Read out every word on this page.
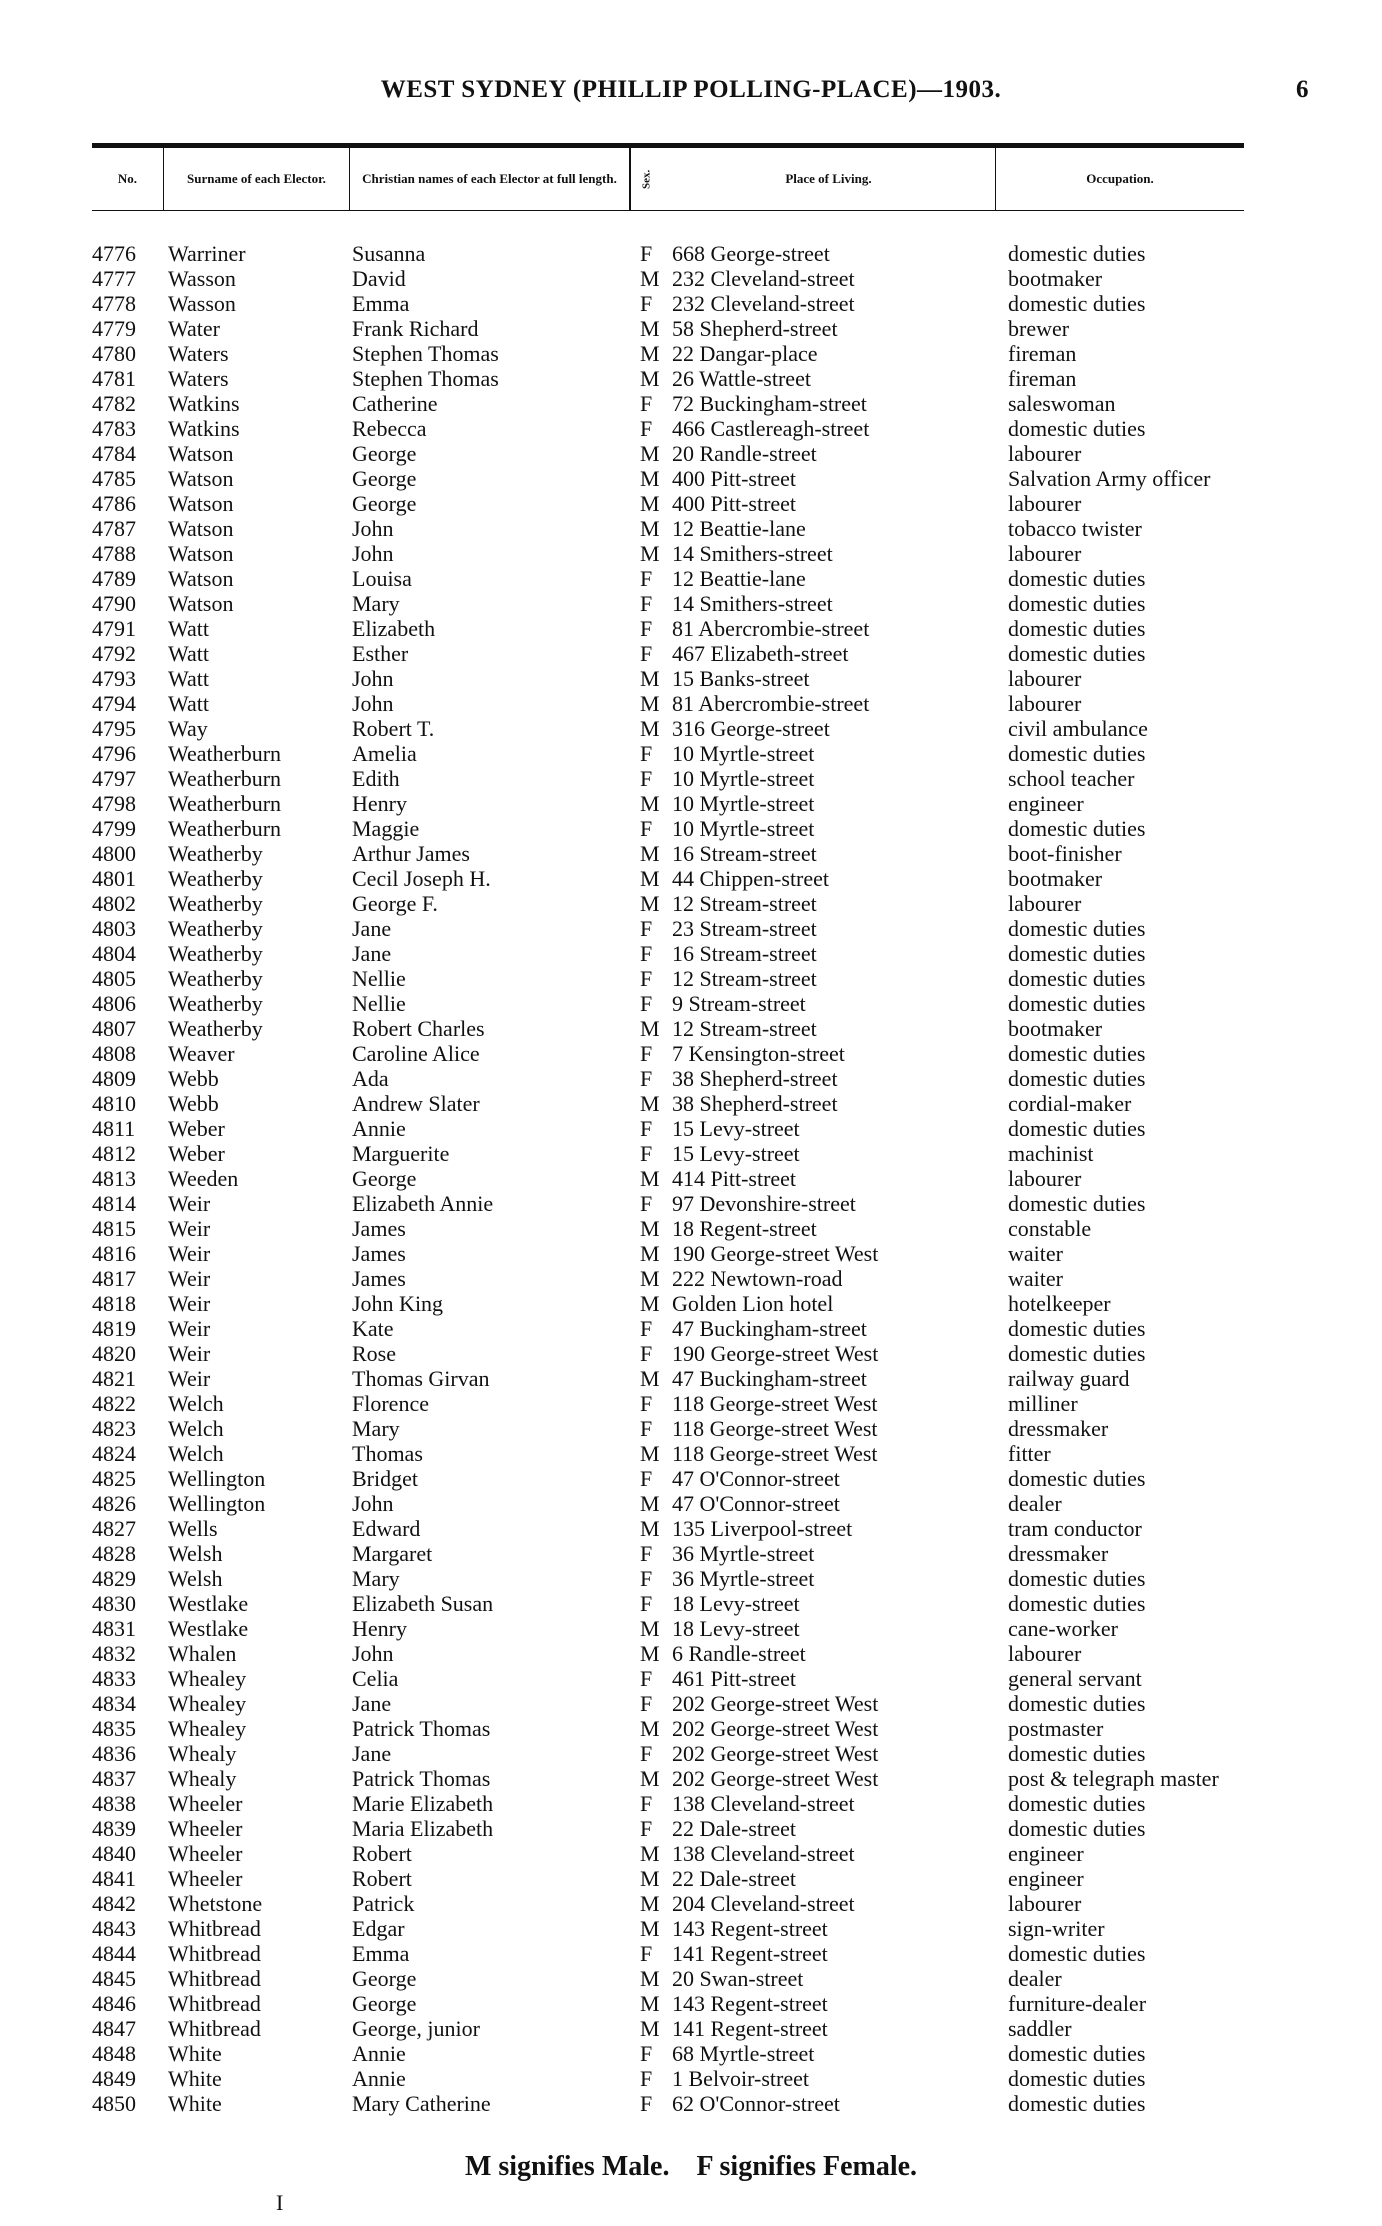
WEST SYDNEY (PHILLIP POLLING-PLACE)—1903.	6
No.	Surname of each Elector.	Christian names of each Elector at full length.	Sex.	Place of Living.	Occupation.
4776	Warriner	Susanna	F 668 George-street	domestic duties
4777	Wasson	David	M 232 Cleveland-street	bootmaker
4778	Wasson	Emma	F 232 Cleveland-street	domestic duties
4779	Water	Frank Richard	M 58 Shepherd-street	brewer
4780	Waters	Stephen Thomas	M 22 Dangar-place	fireman
4781	Waters	Stephen Thomas	M 26 Wattle-street	fireman
4782	Watkins	Catherine	F 72 Buckingham-street	saleswoman
4783	Watkins	Rebecca	F 466 Castlereagh-street	domestic duties
4784	Watson	George	M 20 Randle-street	labourer
4785	Watson	George	M 400 Pitt-street	Salvation Army officer
4786	Watson	George	M 400 Pitt-street	labourer
4787	Watson	John	M 12 Beattie-lane	tobacco twister
4788	Watson	John	M 14 Smithers-street	labourer
4789	Watson	Louisa	F 12 Beattie-lane	domestic duties
4790	Watson	Mary	F 14 Smithers-street	domestic duties
4791	Watt	Elizabeth	F 81 Abercrombie-street	domestic duties
4792	Watt	Esther	F 467 Elizabeth-street	domestic duties
4793	Watt	John	M 15 Banks-street	labourer
4794	Watt	John	M 81 Abercrombie-street	labourer
4795	Way	Robert T.	M 316 George-street	civil ambulance
4796	Weatherburn	Amelia	F 10 Myrtle-street	domestic duties
4797	Weatherburn	Edith	F 10 Myrtle-street	school teacher
4798	Weatherburn	Henry	M 10 Myrtle-street	engineer
4799	Weatherburn	Maggie	F 10 Myrtle-street	domestic duties
4800	Weatherby	Arthur James	M 16 Stream-street	boot-finisher
4801	Weatherby	Cecil Joseph H.	M 44 Chippen-street	bootmaker
4802	Weatherby	George F.	M 12 Stream-street	labourer
4803	Weatherby	Jane	F 23 Stream-street	domestic duties
4804	Weatherby	Jane	F 16 Stream-street	domestic duties
4805	Weatherby	Nellie	F 12 Stream-street	domestic duties
4806	Weatherby	Nellie	F 9 Stream-street	domestic duties
4807	Weatherby	Robert Charles	M 12 Stream-street	bootmaker
4808	Weaver	Caroline Alice	F 7 Kensington-street	domestic duties
4809	Webb	Ada	F 38 Shepherd-street	domestic duties
4810	Webb	Andrew Slater	M 38 Shepherd-street	cordial-maker
4811	Weber	Annie	F 15 Levy-street	domestic duties
4812	Weber	Marguerite	F 15 Levy-street	machinist
4813	Weeden	George	M 414 Pitt-street	labourer
4814	Weir	Elizabeth Annie	F 97 Devonshire-street	domestic duties
4815	Weir	James	M 18 Regent-street	constable
4816	Weir	James	M 190 George-street West	waiter
4817	Weir	James	M 222 Newtown-road	waiter
4818	Weir	John King	M Golden Lion hotel	hotelkeeper
4819	Weir	Kate	F 47 Buckingham-street	domestic duties
4820	Weir	Rose	F 190 George-street West	domestic duties
4821	Weir	Thomas Girvan	M 47 Buckingham-street	railway guard
4822	Welch	Florence	F 118 George-street West	milliner
4823	Welch	Mary	F 118 George-street West	dressmaker
4824	Welch	Thomas	M 118 George-street West	fitter
4825	Wellington	Bridget	F 47 O'Connor-street	domestic duties
4826	Wellington	John	M 47 O'Connor-street	dealer
4827	Wells	Edward	M 135 Liverpool-street	tram conductor
4828	Welsh	Margaret	F 36 Myrtle-street	dressmaker
4829	Welsh	Mary	F 36 Myrtle-street	domestic duties
4830	Westlake	Elizabeth Susan	F 18 Levy-street	domestic duties
4831	Westlake	Henry	M 18 Levy-street	cane-worker
4832	Whalen	John	M 6 Randle-street	labourer
4833	Whealey	Celia	F 461 Pitt-street	general servant
4834	Whealey	Jane	F 202 George-street West	domestic duties
4835	Whealey	Patrick Thomas	M 202 George-street West	postmaster
4836	Whealy	Jane	F 202 George-street West	domestic duties
4837	Whealy	Patrick Thomas	M 202 George-street West	post & telegraph master
4838	Wheeler	Marie Elizabeth	F 138 Cleveland-street	domestic duties
4839	Wheeler	Maria Elizabeth	F 22 Dale-street	domestic duties
4840	Wheeler	Robert	M 138 Cleveland-street	engineer
4841	Wheeler	Robert	M 22 Dale-street	engineer
4842	Whetstone	Patrick	M 204 Cleveland-street	labourer
4843	Whitbread	Edgar	M 143 Regent-street	sign-writer
4844	Whitbread	Emma	F 141 Regent-street	domestic duties
4845	Whitbread	George	M 20 Swan-street	dealer
4846	Whitbread	George	M 143 Regent-street	furniture-dealer
4847	Whitbread	George, junior	M 141 Regent-street	saddler
4848	White	Annie	F 68 Myrtle-street	domestic duties
4849	White	Annie	F 1 Belvoir-street	domestic duties
4850	White	Mary Catherine	F 62 O'Connor-street	domestic duties
M signifies Male. F signifies Female.
I
